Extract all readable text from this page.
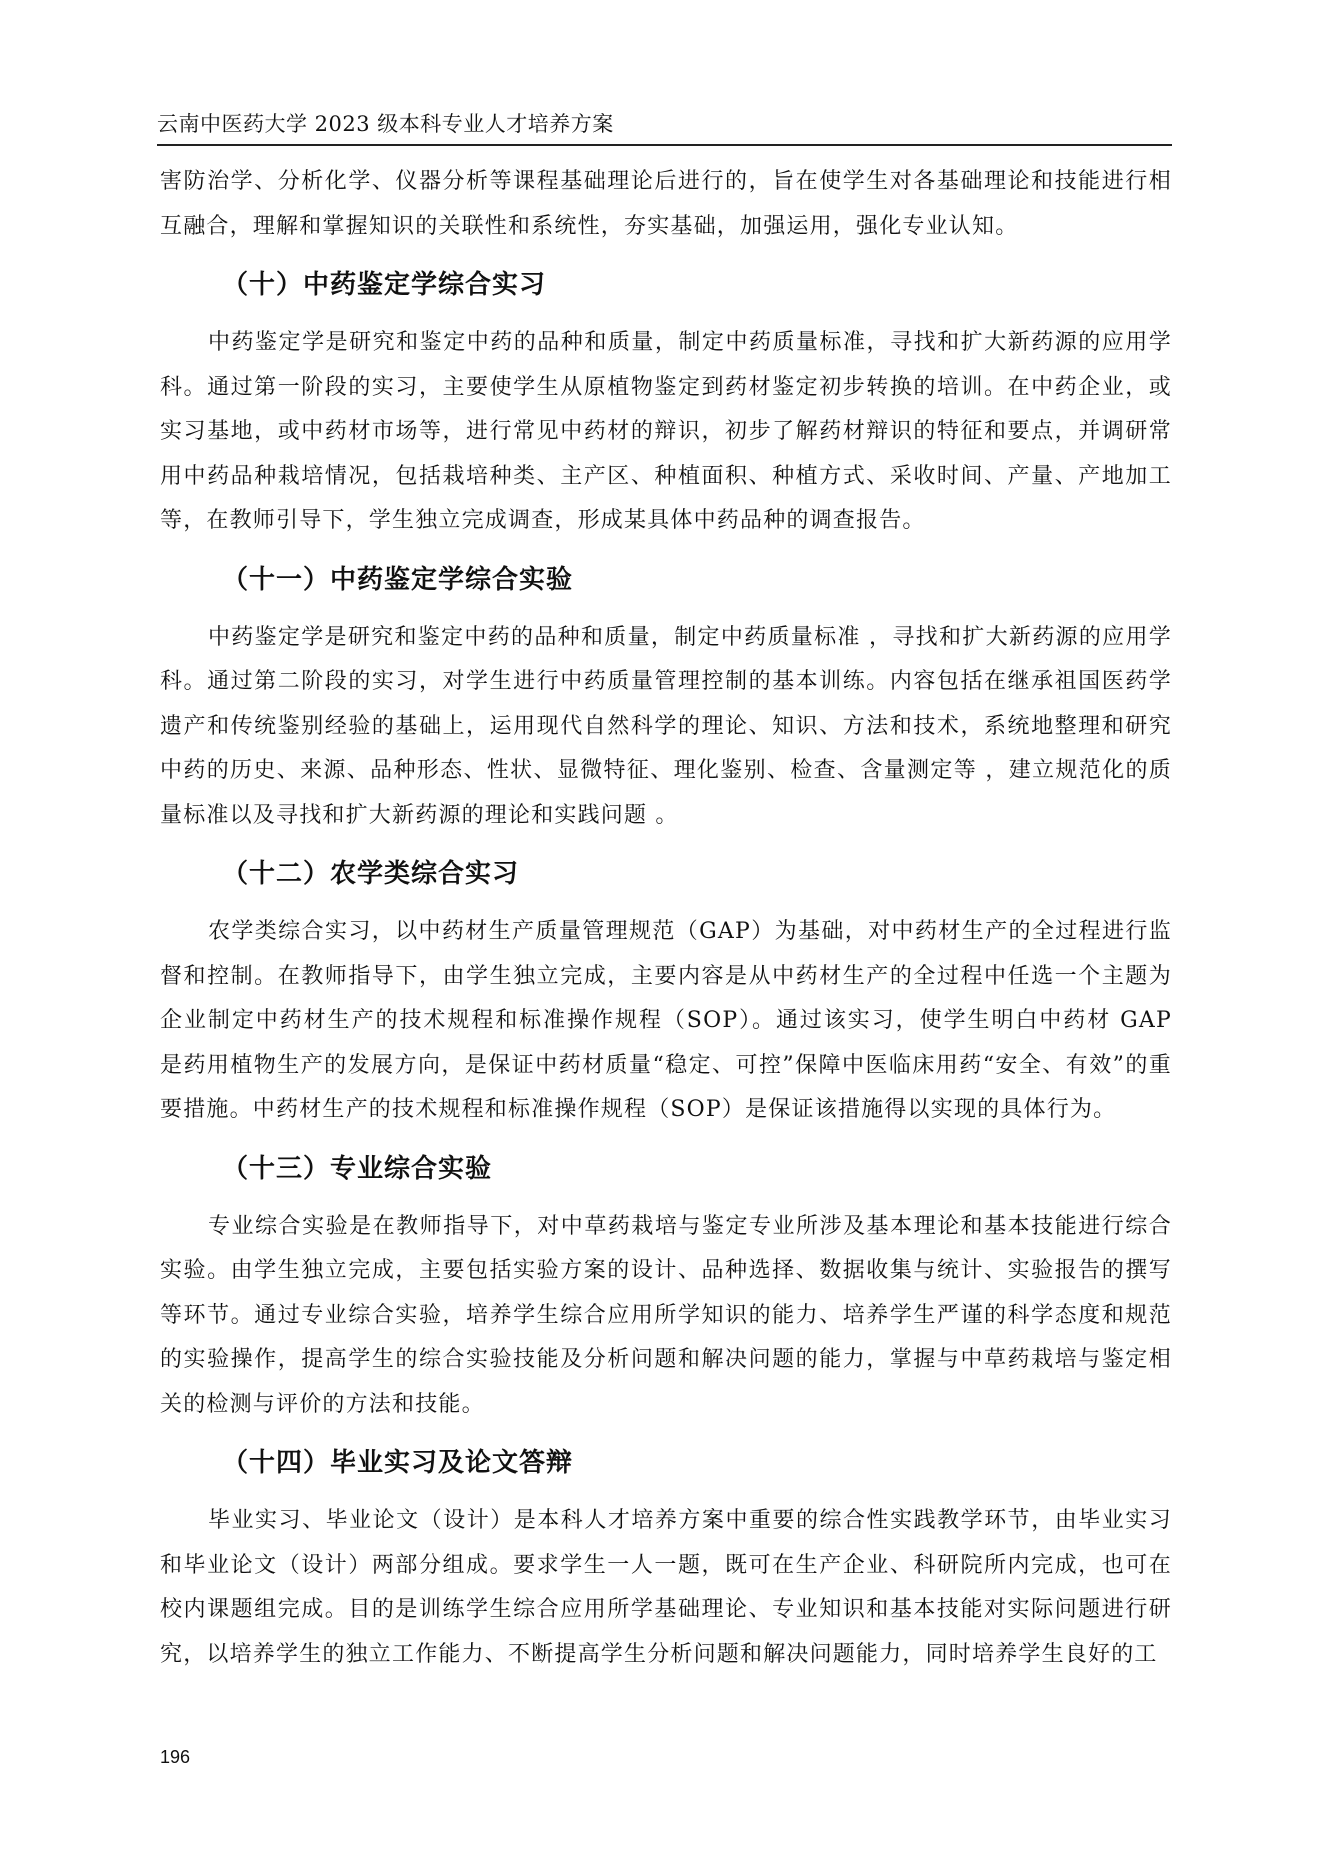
云南中医药大学 2023 级本科专业人才培养方案

害防治学、分析化学、仪器分析等课程基础理论后进行的，旨在使学生对各基础理论和技能进行相互融合，理解和掌握知识的关联性和系统性，夯实基础，加强运用，强化专业认知。

（十）中药鉴定学综合实习

中药鉴定学是研究和鉴定中药的品种和质量，制定中药质量标准，寻找和扩大新药源的应用学科。通过第一阶段的实习，主要使学生从原植物鉴定到药材鉴定初步转换的培训。在中药企业，或实习基地，或中药材市场等，进行常见中药材的辩识，初步了解药材辩识的特征和要点，并调研常用中药品种栽培情况，包括栽培种类、主产区、种植面积、种植方式、采收时间、产量、产地加工等，在教师引导下，学生独立完成调查，形成某具体中药品种的调查报告。

（十一）中药鉴定学综合实验

中药鉴定学是研究和鉴定中药的品种和质量，制定中药质量标准 ，寻找和扩大新药源的应用学科。通过第二阶段的实习，对学生进行中药质量管理控制的基本训练。内容包括在继承祖国医药学遗产和传统鉴别经验的基础上，运用现代自然科学的理论、知识、方法和技术，系统地整理和研究中药的历史、来源、品种形态、性状、显微特征、理化鉴别、检查、含量测定等 ，建立规范化的质量标准以及寻找和扩大新药源的理论和实践问题 。

（十二）农学类综合实习

农学类综合实习，以中药材生产质量管理规范（GAP）为基础，对中药材生产的全过程进行监督和控制。在教师指导下，由学生独立完成，主要内容是从中药材生产的全过程中任选一个主题为企业制定中药材生产的技术规程和标准操作规程（SOP）。通过该实习，使学生明白中药材 GAP 是药用植物生产的发展方向，是保证中药材质量“稳定、可控”保障中医临床用药“安全、有效”的重要措施。中药材生产的技术规程和标准操作规程（SOP）是保证该措施得以实现的具体行为。

（十三）专业综合实验

专业综合实验是在教师指导下，对中草药栽培与鉴定专业所涉及基本理论和基本技能进行综合实验。由学生独立完成，主要包括实验方案的设计、品种选择、数据收集与统计、实验报告的撰写等环节。通过专业综合实验，培养学生综合应用所学知识的能力、培养学生严谨的科学态度和规范的实验操作，提高学生的综合实验技能及分析问题和解决问题的能力，掌握与中草药栽培与鉴定相关的检测与评价的方法和技能。

（十四）毕业实习及论文答辩

毕业实习、毕业论文（设计）是本科人才培养方案中重要的综合性实践教学环节，由毕业实习和毕业论文（设计）两部分组成。要求学生一人一题，既可在生产企业、科研院所内完成，也可在校内课题组完成。目的是训练学生综合应用所学基础理论、专业知识和基本技能对实际问题进行研究，以培养学生的独立工作能力、不断提高学生分析问题和解决问题能力，同时培养学生良好的工

196
